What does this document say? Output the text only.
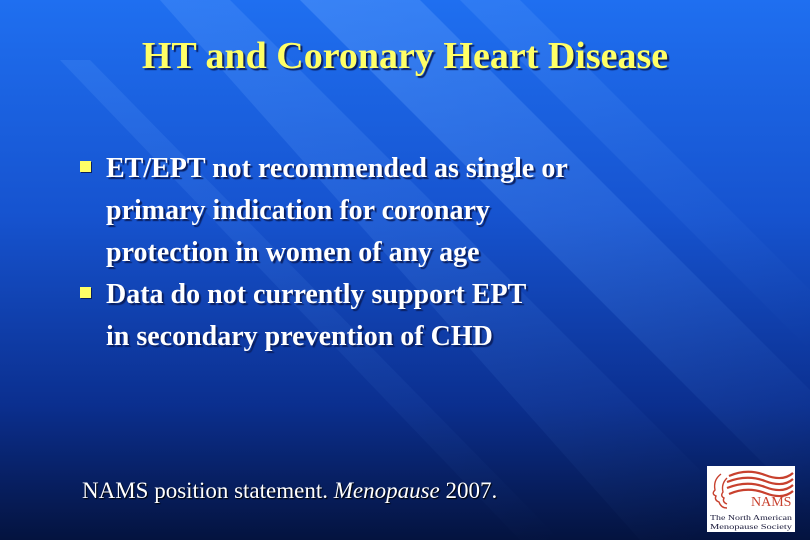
HT and Coronary Heart Disease
ET/EPT not recommended as single or
primary indication for coronary
protection in women of any age
Data do not currently support EPT
in secondary prevention of CHD
NAMS position statement. Menopause 2007.	NAMS
The North American
Menopause Society
